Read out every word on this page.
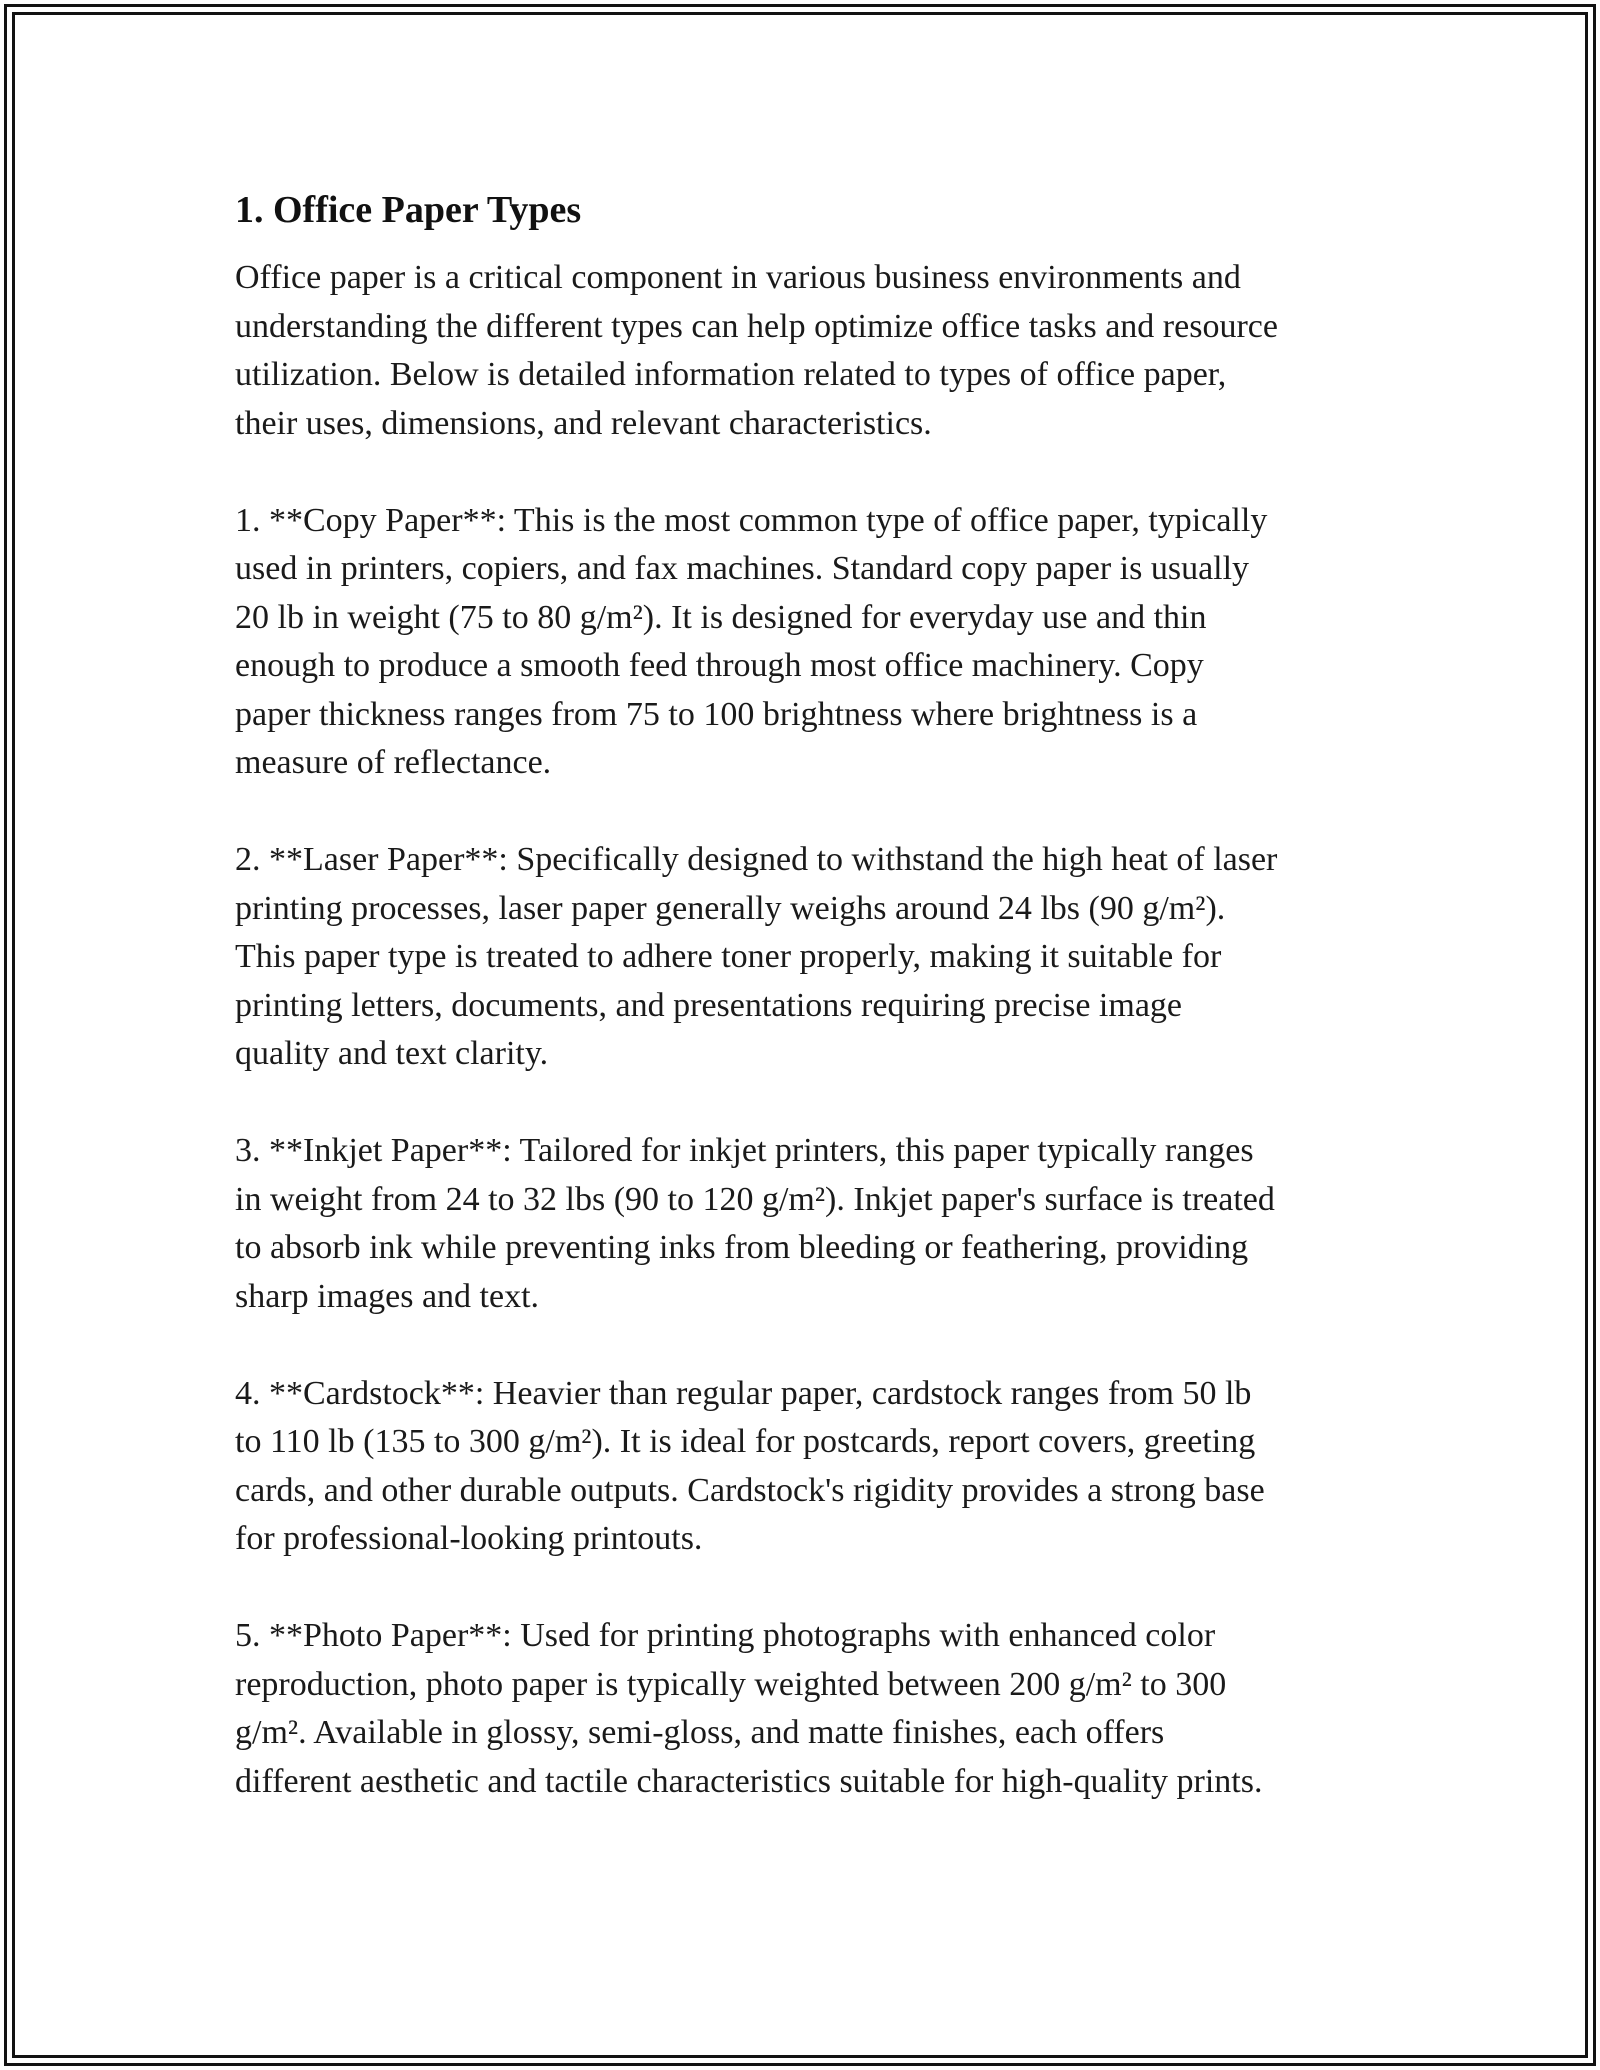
1. Office Paper Types

Office paper is a critical component in various business environments and
understanding the different types can help optimize office tasks and resource
utilization. Below is detailed information related to types of office paper,
their uses, dimensions, and relevant characteristics.

1. **Copy Paper**: This is the most common type of office paper, typically
used in printers, copiers, and fax machines. Standard copy paper is usually
20 lb in weight (75 to 80 g/m²). It is designed for everyday use and thin
enough to produce a smooth feed through most office machinery. Copy
paper thickness ranges from 75 to 100 brightness where brightness is a
measure of reflectance.

2. **Laser Paper**: Specifically designed to withstand the high heat of laser
printing processes, laser paper generally weighs around 24 lbs (90 g/m²).
This paper type is treated to adhere toner properly, making it suitable for
printing letters, documents, and presentations requiring precise image
quality and text clarity.

3. **Inkjet Paper**: Tailored for inkjet printers, this paper typically ranges
in weight from 24 to 32 lbs (90 to 120 g/m²). Inkjet paper's surface is treated
to absorb ink while preventing inks from bleeding or feathering, providing
sharp images and text.

4. **Cardstock**: Heavier than regular paper, cardstock ranges from 50 lb
to 110 lb (135 to 300 g/m²). It is ideal for postcards, report covers, greeting
cards, and other durable outputs. Cardstock's rigidity provides a strong base
for professional-looking printouts.

5. **Photo Paper**: Used for printing photographs with enhanced color
reproduction, photo paper is typically weighted between 200 g/m² to 300
g/m². Available in glossy, semi-gloss, and matte finishes, each offers
different aesthetic and tactile characteristics suitable for high-quality prints.
